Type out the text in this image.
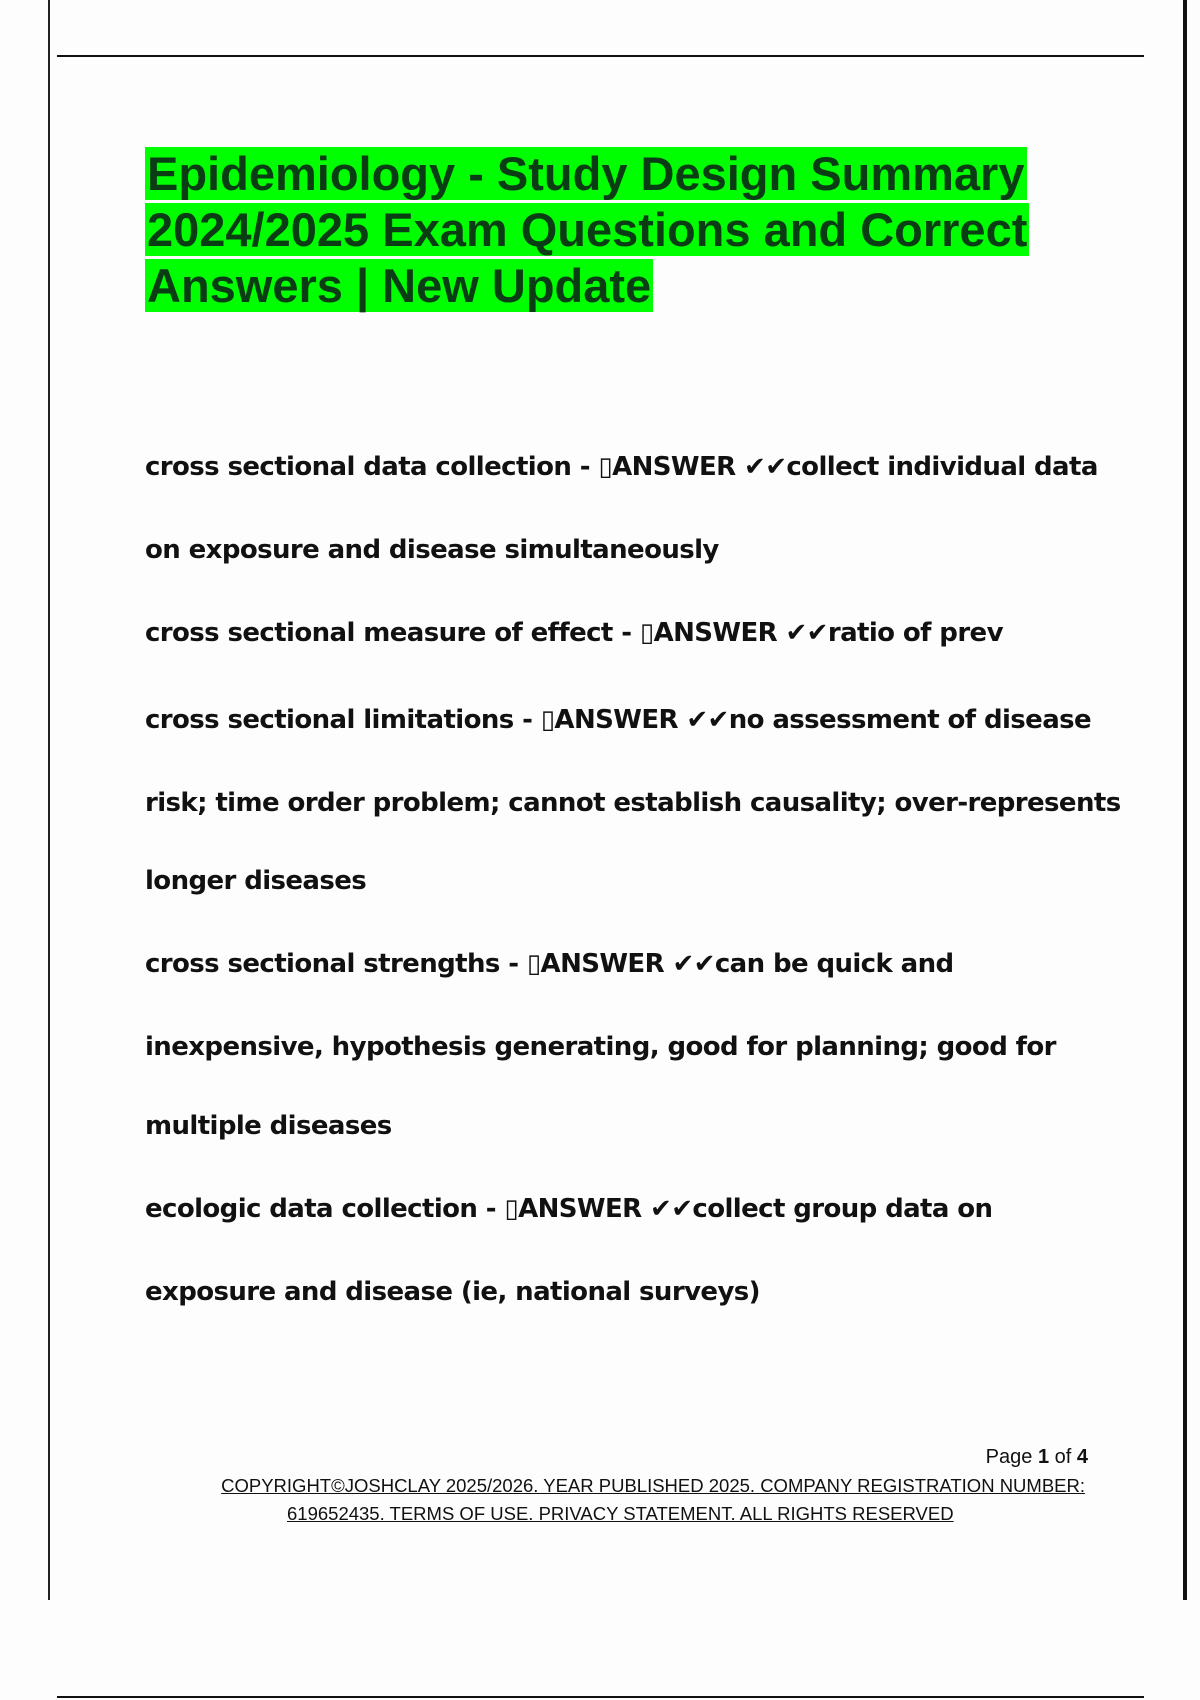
Epidemiology - Study Design Summary 2024/2025 Exam Questions and Correct Answers | New Update

cross sectional data collection - ▯ANSWER ✔✔collect individual data

on exposure and disease simultaneously

cross sectional measure of effect - ▯ANSWER ✔✔ratio of prev

cross sectional limitations - ▯ANSWER ✔✔no assessment of disease

risk; time order problem; cannot establish causality; over-represents

longer diseases

cross sectional strengths - ▯ANSWER ✔✔can be quick and

inexpensive, hypothesis generating, good for planning; good for

multiple diseases

ecologic data collection - ▯ANSWER ✔✔collect group data on

exposure and disease (ie, national surveys)

Page 1 of 4
COPYRIGHT©JOSHCLAY 2025/2026. YEAR PUBLISHED 2025. COMPANY REGISTRATION NUMBER:
619652435. TERMS OF USE. PRIVACY STATEMENT. ALL RIGHTS RESERVED
